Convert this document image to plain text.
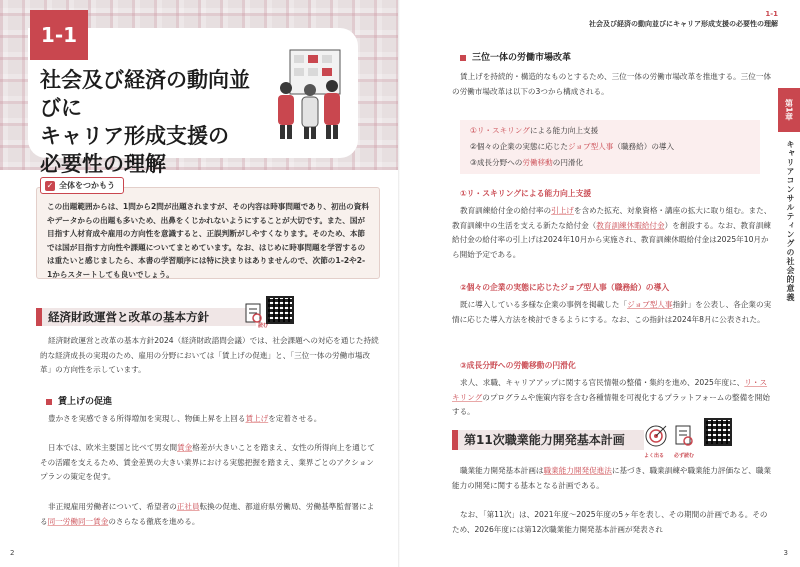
1-1
社会及び経済の動向並びに
キャリア形成支援の
必要性の理解

この出題範囲からは、1問から2問が出題されますが、その内容は時事問題であり、初出の資料やデータからの出題も多いため、出鼻をくじかれないようにすることが大切です。また、国が目指す人材育成や雇用の方向性を意識すると、正誤判断がしやすくなります。そのため、本節では国が目指す方向性や課題についてまとめています。なお、はじめに時事問題を学習するのは重たいと感じましたら、本書の学習順序には特に決まりはありませんので、次節の1-2や2-1からスタートしても良いでしょう。

✓ 全体をつかもう
経済財政運営と改革の基本方針
読む

経済財政運営と改革の基本方針2024（経済財政諮問会議）では、社会課題への対応を通じた持続的な経済成長の実現のため、雇用の分野においては「賃上げの促進」と、「三位一体の労働市場改革」の方向性を示しています。

賃上げの促進

豊かさを実感できる所得増加を実現し、物価上昇を上回る賃上げを定着させる。

日本では、欧米主要国と比べて男女間賃金格差が大きいことを踏まえ、女性の所得向上を通じてその活躍を支えるため、賃金差異の大きい業界における実態把握を踏まえ、業界ごとのアクションプランの策定を促す。

非正規雇用労働者について、希望者の正社員転換の促進、都道府県労働局、労働基準監督署による同一労働同一賃金のさらなる徹底を進める。

2
1-1
社会及び経済の動向並びにキャリア形成支援の必要性の理解
第1章
キャリアコンサルティングの社会的意義
三位一体の労働市場改革

賃上げを持続的・構造的なものとするため、三位一体の労働市場改革を推進する。三位一体の労働市場改革は以下の3つから構成される。

①リ・スキリングによる能力向上支援
②個々の企業の実態に応じたジョブ型人事（職務給）の導入
③成長分野への労働移動の円滑化
①リ・スキリングによる能力向上支援

教育訓練給付金の給付率の引上げを含めた拡充、対象資格・講座の拡大に取り組む。また、教育訓練中の生活を支える新たな給付金（教育訓練休暇給付金）を創設する。なお、教育訓練給付金の給付率の引上げは2024年10月から実施され、教育訓練休暇給付金は2025年10月から開始予定である。

②個々の企業の実態に応じたジョブ型人事（職務給）の導入

既に導入している多様な企業の事例を掲載した「ジョブ型人事指針」を公表し、各企業の実情に応じた導入方法を検討できるようにする。なお、この指針は2024年8月に公表された。

③成長分野への労働移動の円滑化

求人、求職、キャリアアップに関する官民情報の整備・集約を進め、2025年度に、リ・スキリングのプログラムや施策内容を含む各種情報を可視化するプラットフォームの整備を開始する。

第11次職業能力開発基本計画
よく出る 必ず読む

職業能力開発基本計画は職業能力開発促進法に基づき、職業訓練や職業能力評価など、職業能力の開発に関する基本となる計画である。

なお、「第11次」は、2021年度～2025年度の5ヶ年を表し、その期間の計画である。そのため、2026年度には第12次職業能力開発基本計画が発表され

3
